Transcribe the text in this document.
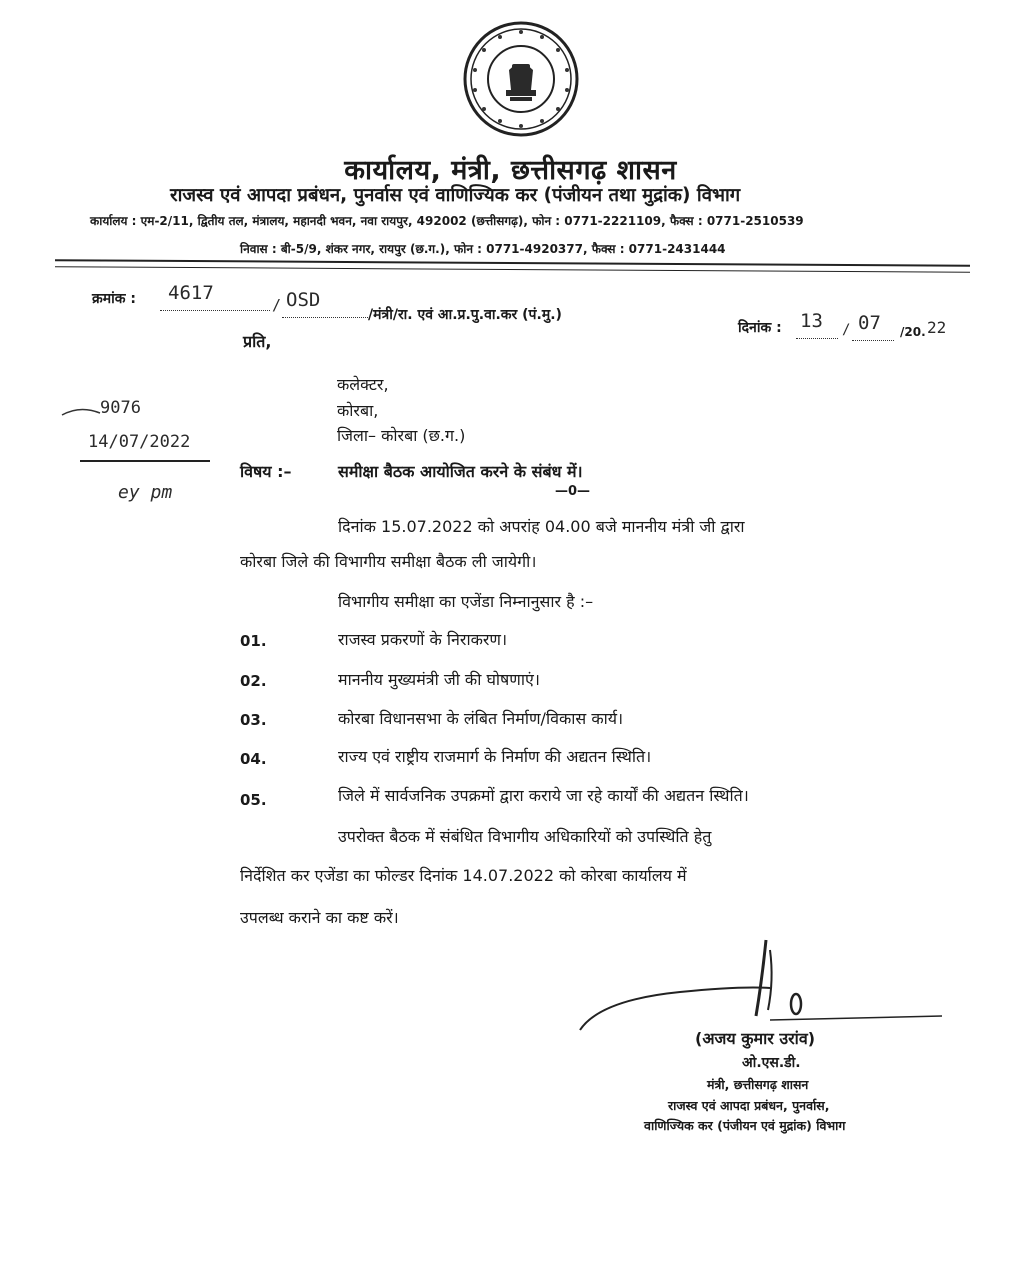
कार्यालय, मंत्री, छत्तीसगढ़ शासन
राजस्व एवं आपदा प्रबंधन, पुनर्वास एवं वाणिज्यिक कर (पंजीयन तथा मुद्रांक) विभाग
कार्यालय : एम-2/11, द्वितीय तल, मंत्रालय, महानदी भवन, नवा रायपुर, 492002 (छत्तीसगढ़), फोन : 0771-2221109, फैक्स : 0771-2510539
निवास : बी-5/9, शंकर नगर, रायपुर (छ.ग.), फोन : 0771-4920377, फैक्स : 0771-2431444
क्रमांक : 4617
/ OSD
/मंत्री/रा. एवं आ.प्र.पु.वा.कर (पं.मु.)
दिनांक : 13 / 07 /20. 22
प्रति,
कलेक्टर,
कोरबा,
जिला– कोरबा (छ.ग.)
9076
14/07/2022
ey pm
विषय :–	समीक्षा बैठक आयोजित करने के संबंध में।
—0—
दिनांक 15.07.2022 को अपरांह 04.00 बजे माननीय मंत्री जी द्वारा
कोरबा जिले की विभागीय समीक्षा बैठक ली जायेगी।
विभागीय समीक्षा का एजेंडा निम्नानुसार है :–
01.	राजस्व प्रकरणों के निराकरण।
02.	माननीय मुख्यमंत्री जी की घोषणाएं।
03.	कोरबा विधानसभा के लंबित निर्माण/विकास कार्य।
04.	राज्य एवं राष्ट्रीय राजमार्ग के निर्माण की अद्यतन स्थिति।
05.	जिले में सार्वजनिक उपक्रमों द्वारा कराये जा रहे कार्यों की अद्यतन स्थिति।
उपरोक्त बैठक में संबंधित विभागीय अधिकारियों को उपस्थिति हेतु
निर्देशित कर एजेंडा का फोल्डर दिनांक 14.07.2022 को कोरबा कार्यालय में
उपलब्ध कराने का कष्ट करें।
(अजय कुमार उरांव)
ओ.एस.डी.
मंत्री, छत्तीसगढ़ शासन
राजस्व एवं आपदा प्रबंधन, पुनर्वास,
वाणिज्यिक कर (पंजीयन एवं मुद्रांक) विभाग
